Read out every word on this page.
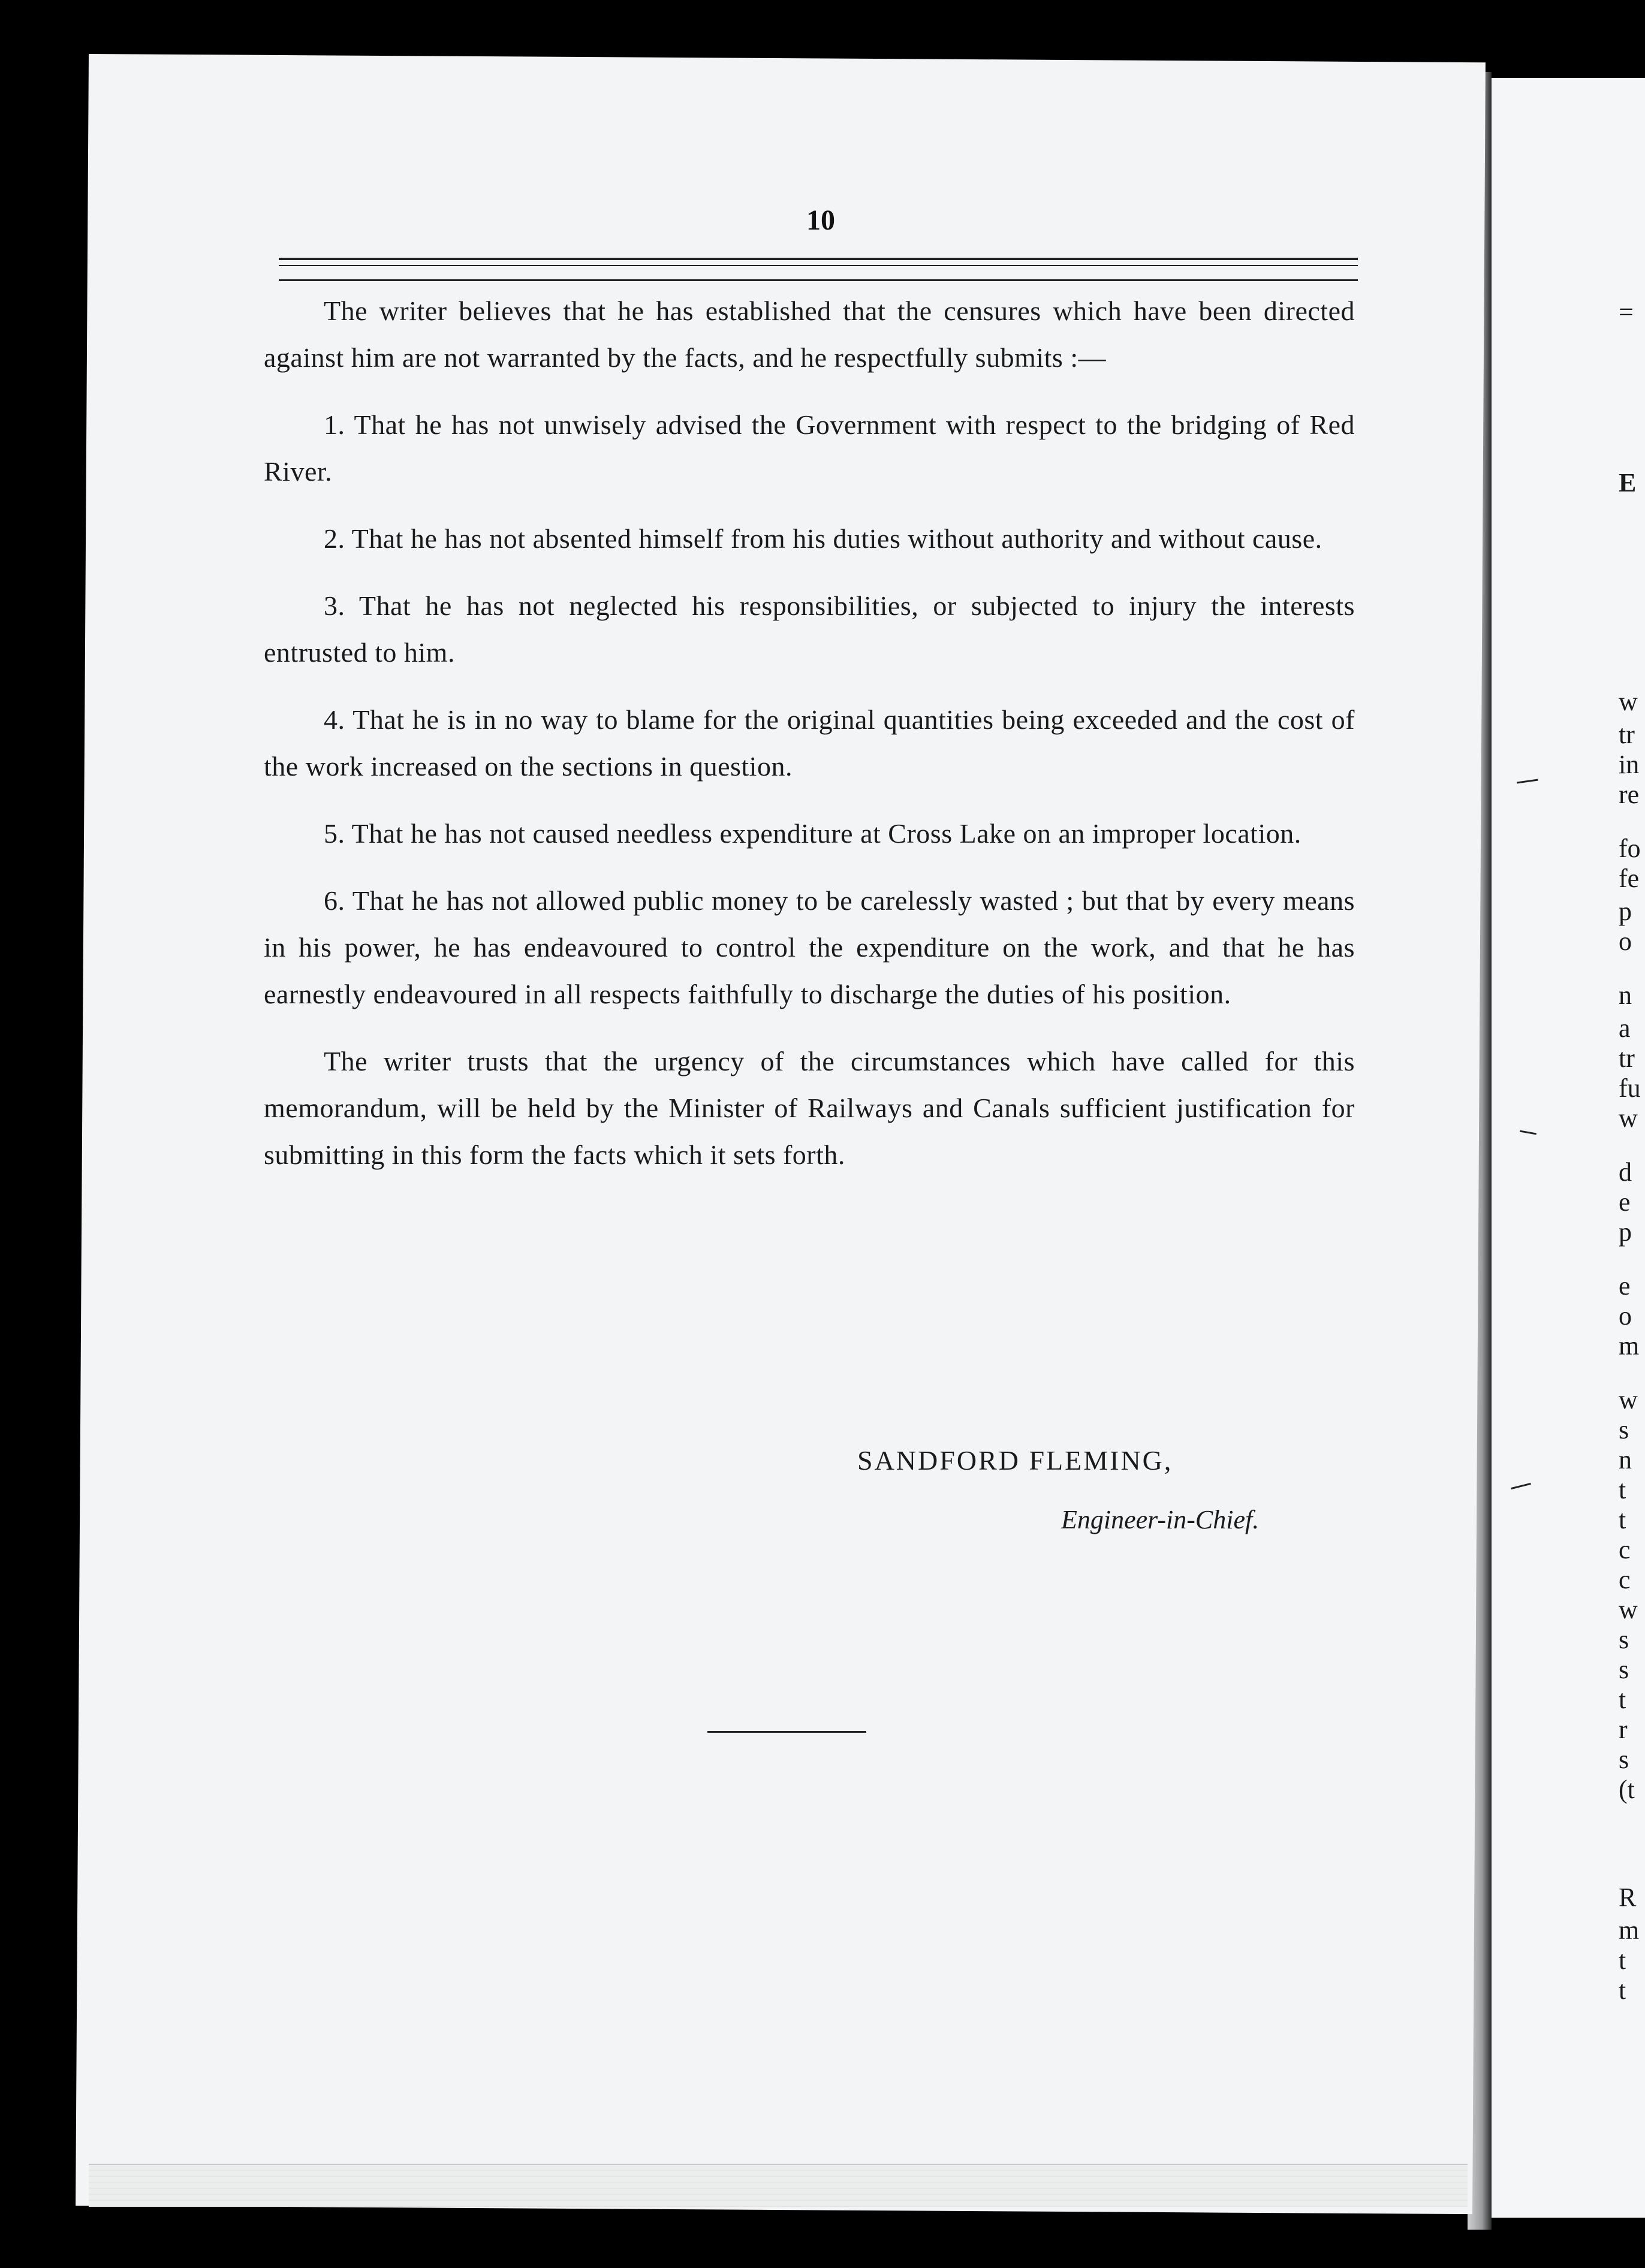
=
E
w
tr
in
re
fo
fe
p
o
n
a
tr
fu
w
d
e
p
e
o
m
w
s
n
t
t
c
c
w
s
s
t
r
s
(t
R
m
t
t
10

The writer believes that he has established that the censures which have been directed against him are not warranted by the facts, and he respectfully submits :—

1. That he has not unwisely advised the Government with respect to the bridging of Red River.

2. That he has not absented himself from his duties without authority and without cause.

3. That he has not neglected his responsibilities, or subjected to injury the interests entrusted to him.

4. That he is in no way to blame for the original quantities being exceeded and the cost of the work increased on the sections in question.

5. That he has not caused needless expenditure at Cross Lake on an improper location.

6. That he has not allowed public money to be carelessly wasted ; but that by every means in his power, he has endeavoured to control the expenditure on the work, and that he has earnestly endeavoured in all respects faithfully to discharge the duties of his position.

The writer trusts that the urgency of the circumstances which have called for this memorandum, will be held by the Minister of Railways and Canals sufficient justification for submitting in this form the facts which it sets forth.

SANDFORD FLEMING,
Engineer-in-Chief.
